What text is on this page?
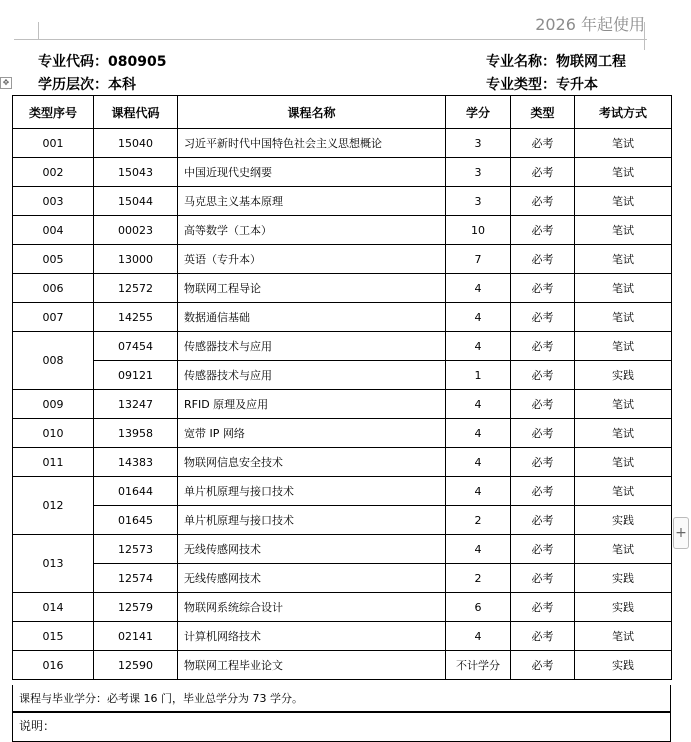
2026 年起使用
✥
+
专业代码：080905	专业名称：物联网工程
学历层次：本科	专业类型：专升本
类型序号	课程代码	课程名称	学分	类型	考试方式
001	15040	习近平新时代中国特色社会主义思想概论	3	必考	笔试
002	15043	中国近现代史纲要	3	必考	笔试
003	15044	马克思主义基本原理	3	必考	笔试
004	00023	高等数学（工本）	10	必考	笔试
005	13000	英语（专升本）	7	必考	笔试
006	12572	物联网工程导论	4	必考	笔试
007	14255	数据通信基础	4	必考	笔试
008	07454	传感器技术与应用	4	必考	笔试
	09121	传感器技术与应用	1	必考	实践
009	13247	RFID 原理及应用	4	必考	笔试
010	13958	宽带 IP 网络	4	必考	笔试
011	14383	物联网信息安全技术	4	必考	笔试
012	01644	单片机原理与接口技术	4	必考	笔试
	01645	单片机原理与接口技术	2	必考	实践
013	12573	无线传感网技术	4	必考	笔试
	12574	无线传感网技术	2	必考	实践
014	12579	物联网系统综合设计	6	必考	实践
015	02141	计算机网络技术	4	必考	笔试
016	12590	物联网工程毕业论文	不计学分	必考	实践
课程与毕业学分：必考课 16 门，毕业总学分为 73 学分。
说明：
